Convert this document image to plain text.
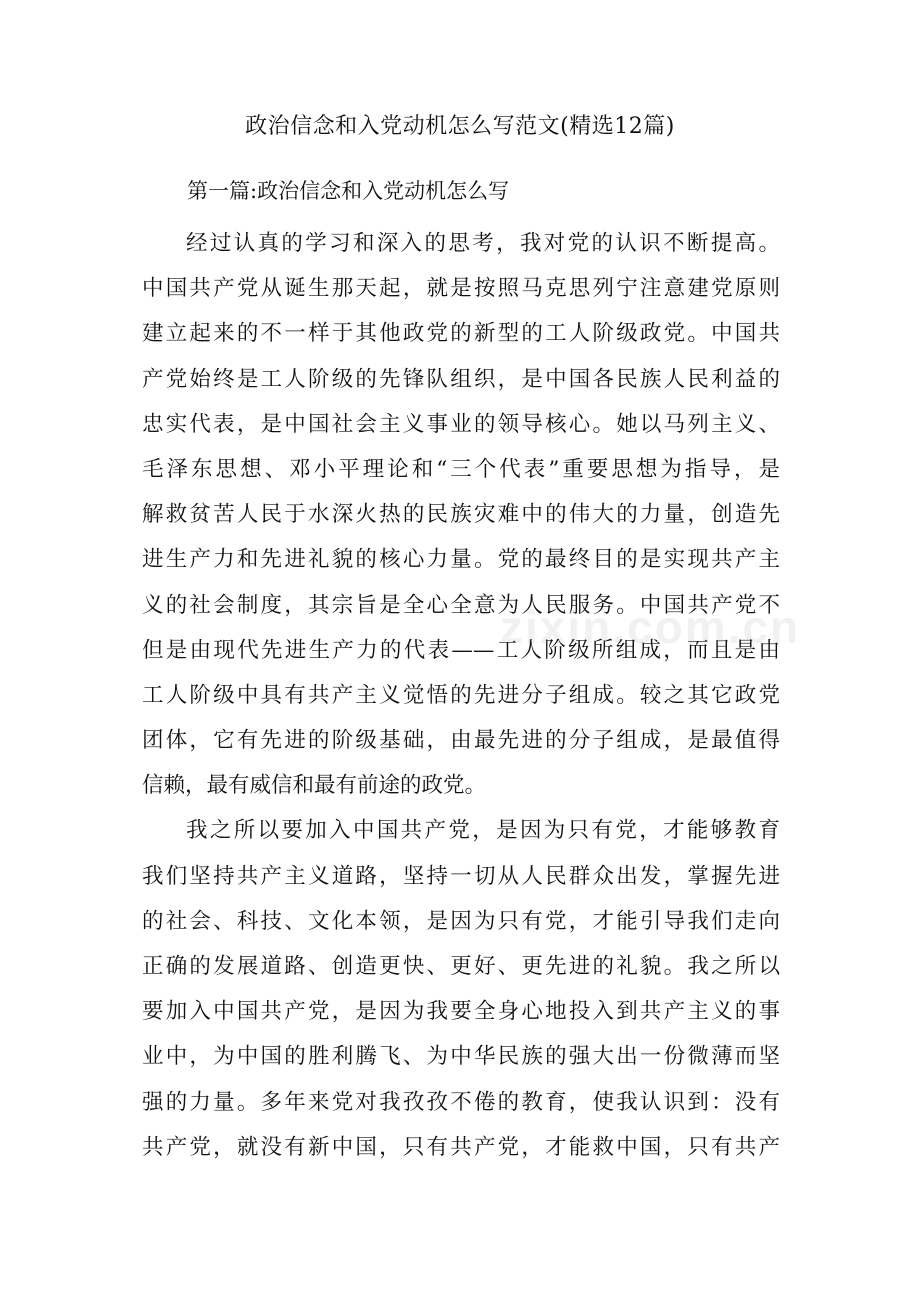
政治信念和入党动机怎么写范文(精选12篇)
第一篇:政治信念和入党动机怎么写
经过认真的学习和深入的思考，我对党的认识不断提高。
中国共产党从诞生那天起，就是按照马克思列宁注意建党原则
建立起来的不一样于其他政党的新型的工人阶级政党。中国共
产党始终是工人阶级的先锋队组织，是中国各民族人民利益的
忠实代表，是中国社会主义事业的领导核心。她以马列主义、
毛泽东思想、邓小平理论和“三个代表”重要思想为指导，是
解救贫苦人民于水深火热的民族灾难中的伟大的力量，创造先
进生产力和先进礼貌的核心力量。党的最终目的是实现共产主
义的社会制度，其宗旨是全心全意为人民服务。中国共产党不
但是由现代先进生产力的代表——工人阶级所组成，而且是由
工人阶级中具有共产主义觉悟的先进分子组成。较之其它政党
团体，它有先进的阶级基础，由最先进的分子组成，是最值得
信赖，最有威信和最有前途的政党。
我之所以要加入中国共产党，是因为只有党，才能够教育
我们坚持共产主义道路，坚持一切从人民群众出发，掌握先进
的社会、科技、文化本领，是因为只有党，才能引导我们走向
正确的发展道路、创造更快、更好、更先进的礼貌。我之所以
要加入中国共产党，是因为我要全身心地投入到共产主义的事
业中，为中国的胜利腾飞、为中华民族的强大出一份微薄而坚
强的力量。多年来党对我孜孜不倦的教育，使我认识到：没有
共产党，就没有新中国，只有共产党，才能救中国，只有共产
zixin.com.cn
